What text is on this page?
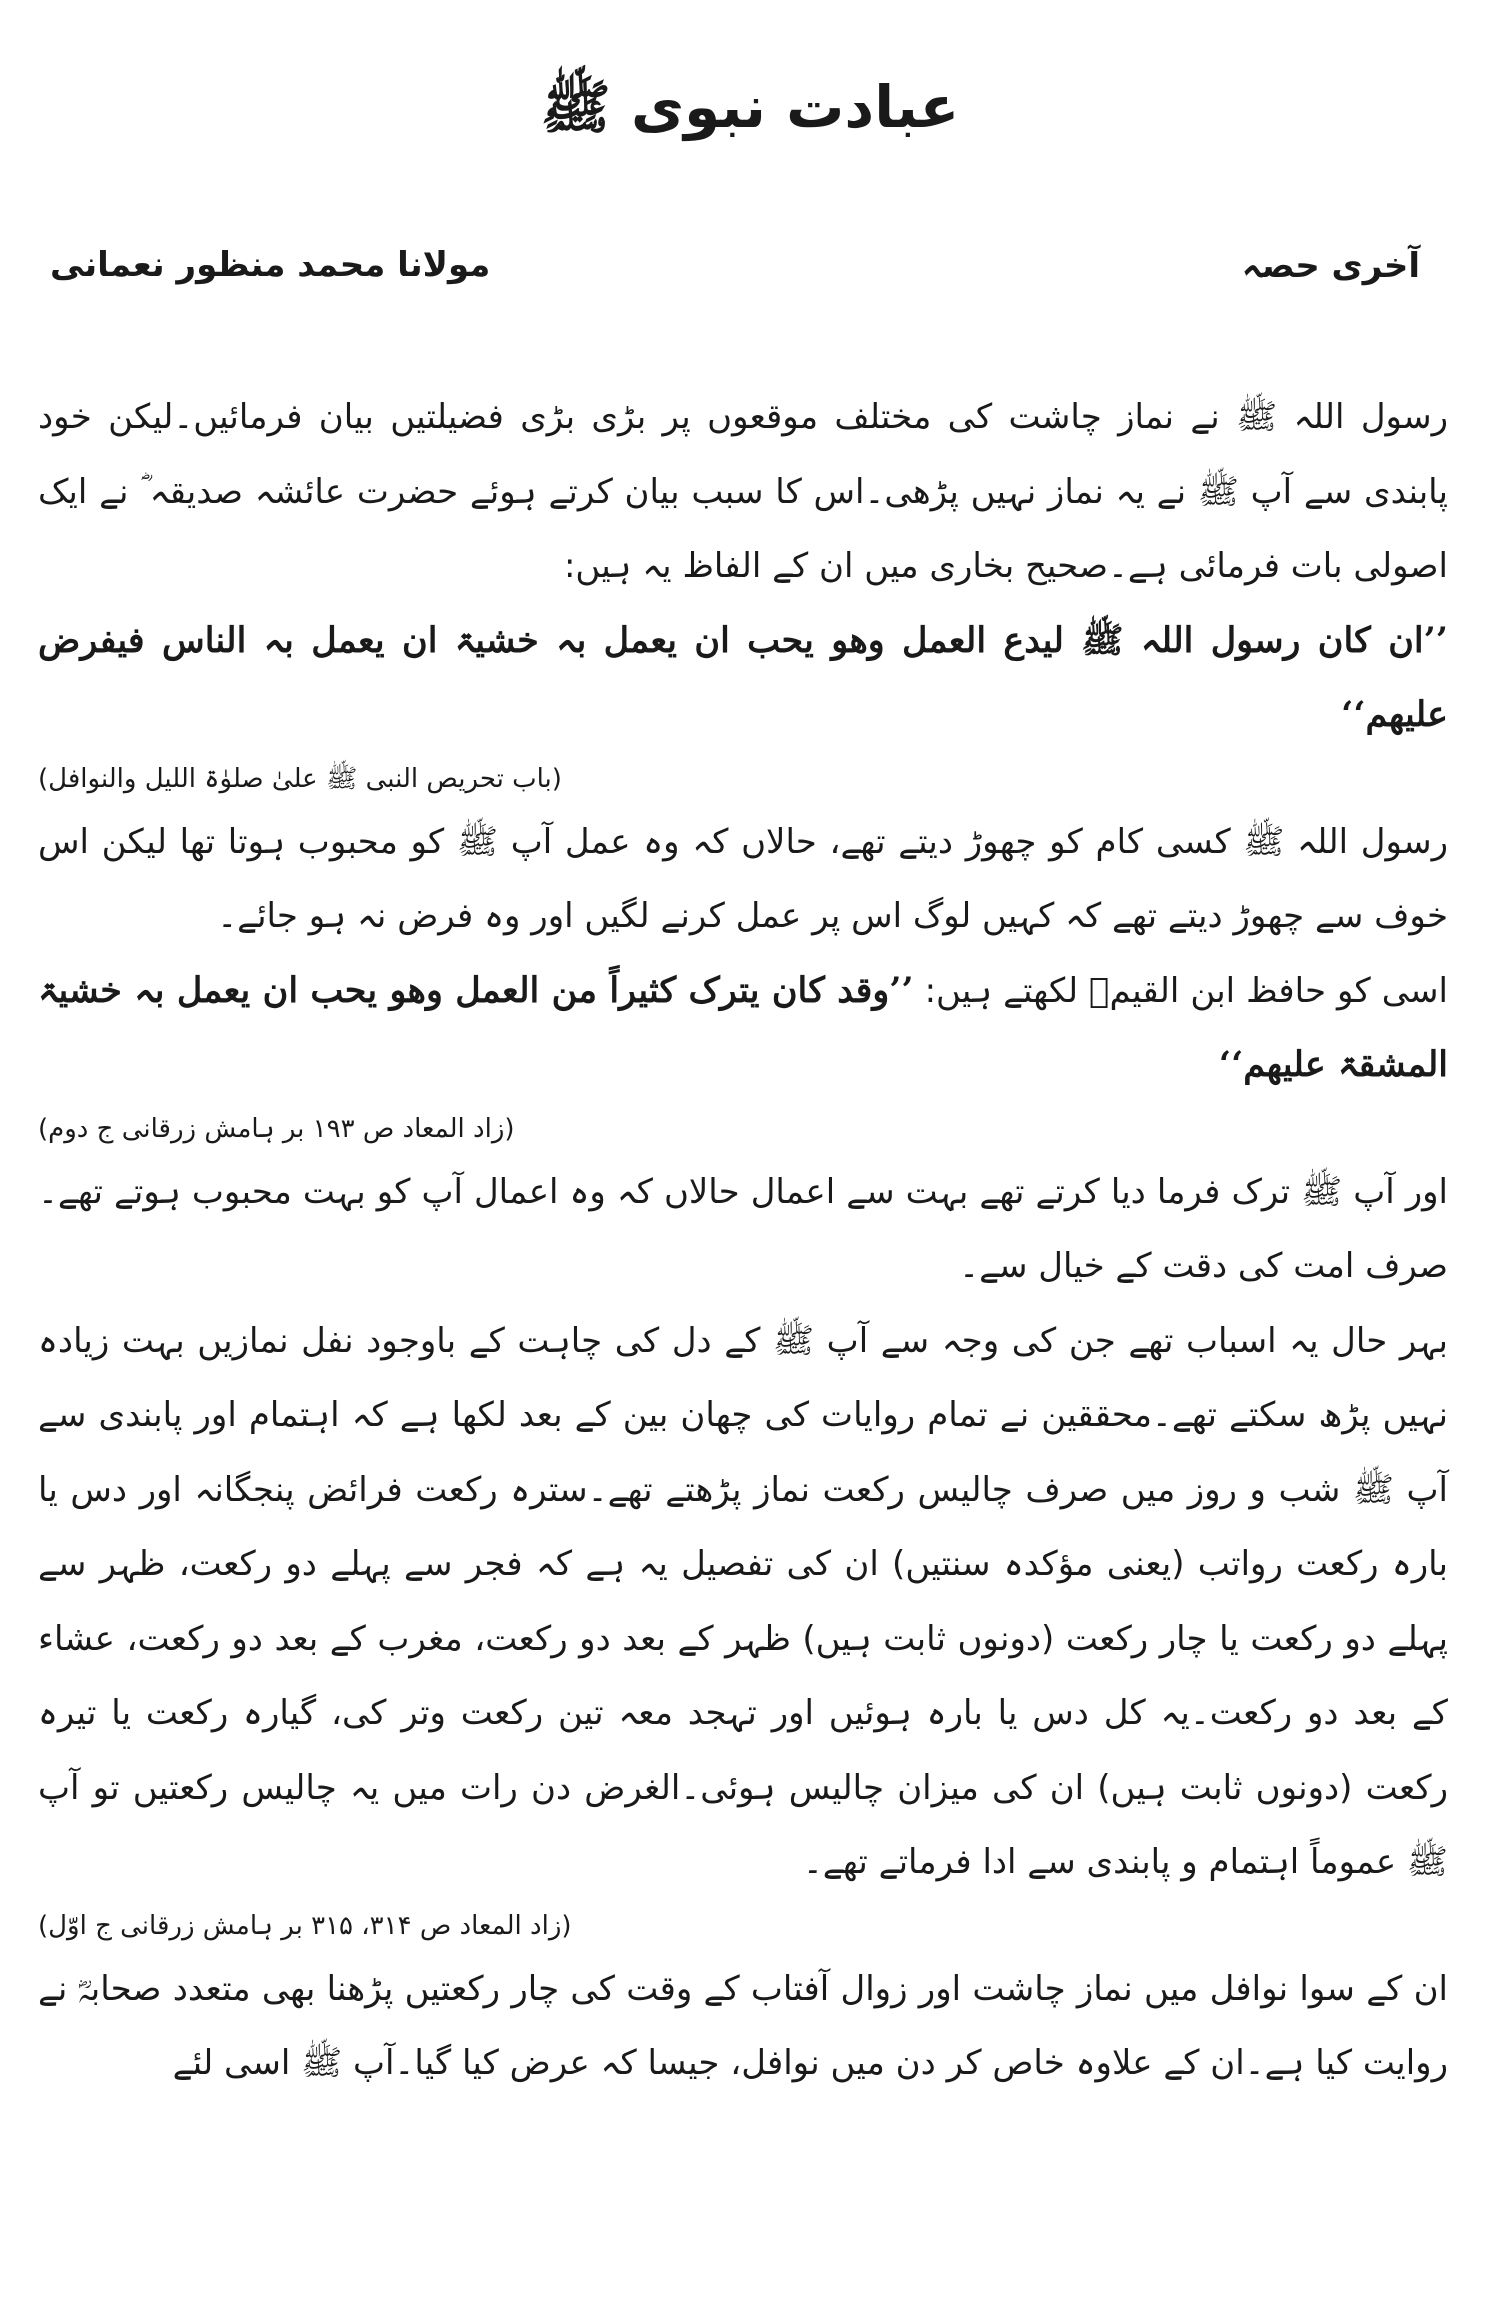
عبادت نبوی ﷺ
آخری حصہ
مولانا محمد منظور نعمانی

رسول اللہ ﷺ نے نماز چاشت کی مختلف موقعوں پر بڑی بڑی فضیلتیں بیان فرمائیں۔لیکن خود پابندی سے آپ ﷺ نے یہ نماز نہیں پڑھی۔اس کا سبب بیان کرتے ہوئے حضرت عائشہ صدیقہ ؓ نے ایک اصولی بات فرمائی ہے۔صحیح بخاری میں ان کے الفاظ یہ ہیں:

’’ان کان رسول اللہ ﷺ لیدع العمل وھو یحب ان یعمل بہ خشیۃ ان یعمل بہ الناس فیفرض علیھم‘‘

(باب تحریص النبی ﷺ علیٰ صلوٰۃ اللیل والنوافل)

رسول اللہ ﷺ کسی کام کو چھوڑ دیتے تھے، حالاں کہ وہ عمل آپ ﷺ کو محبوب ہوتا تھا لیکن اس خوف سے چھوڑ دیتے تھے کہ کہیں لوگ اس پر عمل کرنے لگیں اور وہ فرض نہ ہو جائے۔

اسی کو حافظ ابن القیمؒ لکھتے ہیں: ’’وقد کان یترک کثیراً من العمل وھو یحب ان یعمل بہ خشیۃ المشقۃ علیھم‘‘

(زاد المعاد ص ۱۹۳ بر ہامش زرقانی ج دوم)

اور آپ ﷺ ترک فرما دیا کرتے تھے بہت سے اعمال حالاں کہ وہ اعمال آپ کو بہت محبوب ہوتے تھے۔صرف امت کی دقت کے خیال سے۔

بہر حال یہ اسباب تھے جن کی وجہ سے آپ ﷺ کے دل کی چاہت کے باوجود نفل نمازیں بہت زیادہ نہیں پڑھ سکتے تھے۔محققین نے تمام روایات کی چھان بین کے بعد لکھا ہے کہ اہتمام اور پابندی سے آپ ﷺ شب و روز میں صرف چالیس رکعت نماز پڑھتے تھے۔سترہ رکعت فرائض پنجگانہ اور دس یا بارہ رکعت رواتب (یعنی مؤکدہ سنتیں) ان کی تفصیل یہ ہے کہ فجر سے پہلے دو رکعت، ظہر سے پہلے دو رکعت یا چار رکعت (دونوں ثابت ہیں) ظہر کے بعد دو رکعت، مغرب کے بعد دو رکعت، عشاء کے بعد دو رکعت۔یہ کل دس یا بارہ ہوئیں اور تہجد معہ تین رکعت وتر کی، گیارہ رکعت یا تیرہ رکعت (دونوں ثابت ہیں) ان کی میزان چالیس ہوئی۔الغرض دن رات میں یہ چالیس رکعتیں تو آپ ﷺ عموماً اہتمام و پابندی سے ادا فرماتے تھے۔

(زاد المعاد ص ۳۱۴، ۳۱۵ بر ہامش زرقانی ج اوّل)

ان کے سوا نوافل میں نماز چاشت اور زوال آفتاب کے وقت کی چار رکعتیں پڑھنا بھی متعدد صحابہؓ نے روایت کیا ہے۔ان کے علاوہ خاص کر دن میں نوافل، جیسا کہ عرض کیا گیا۔آپ ﷺ اسی لئے
